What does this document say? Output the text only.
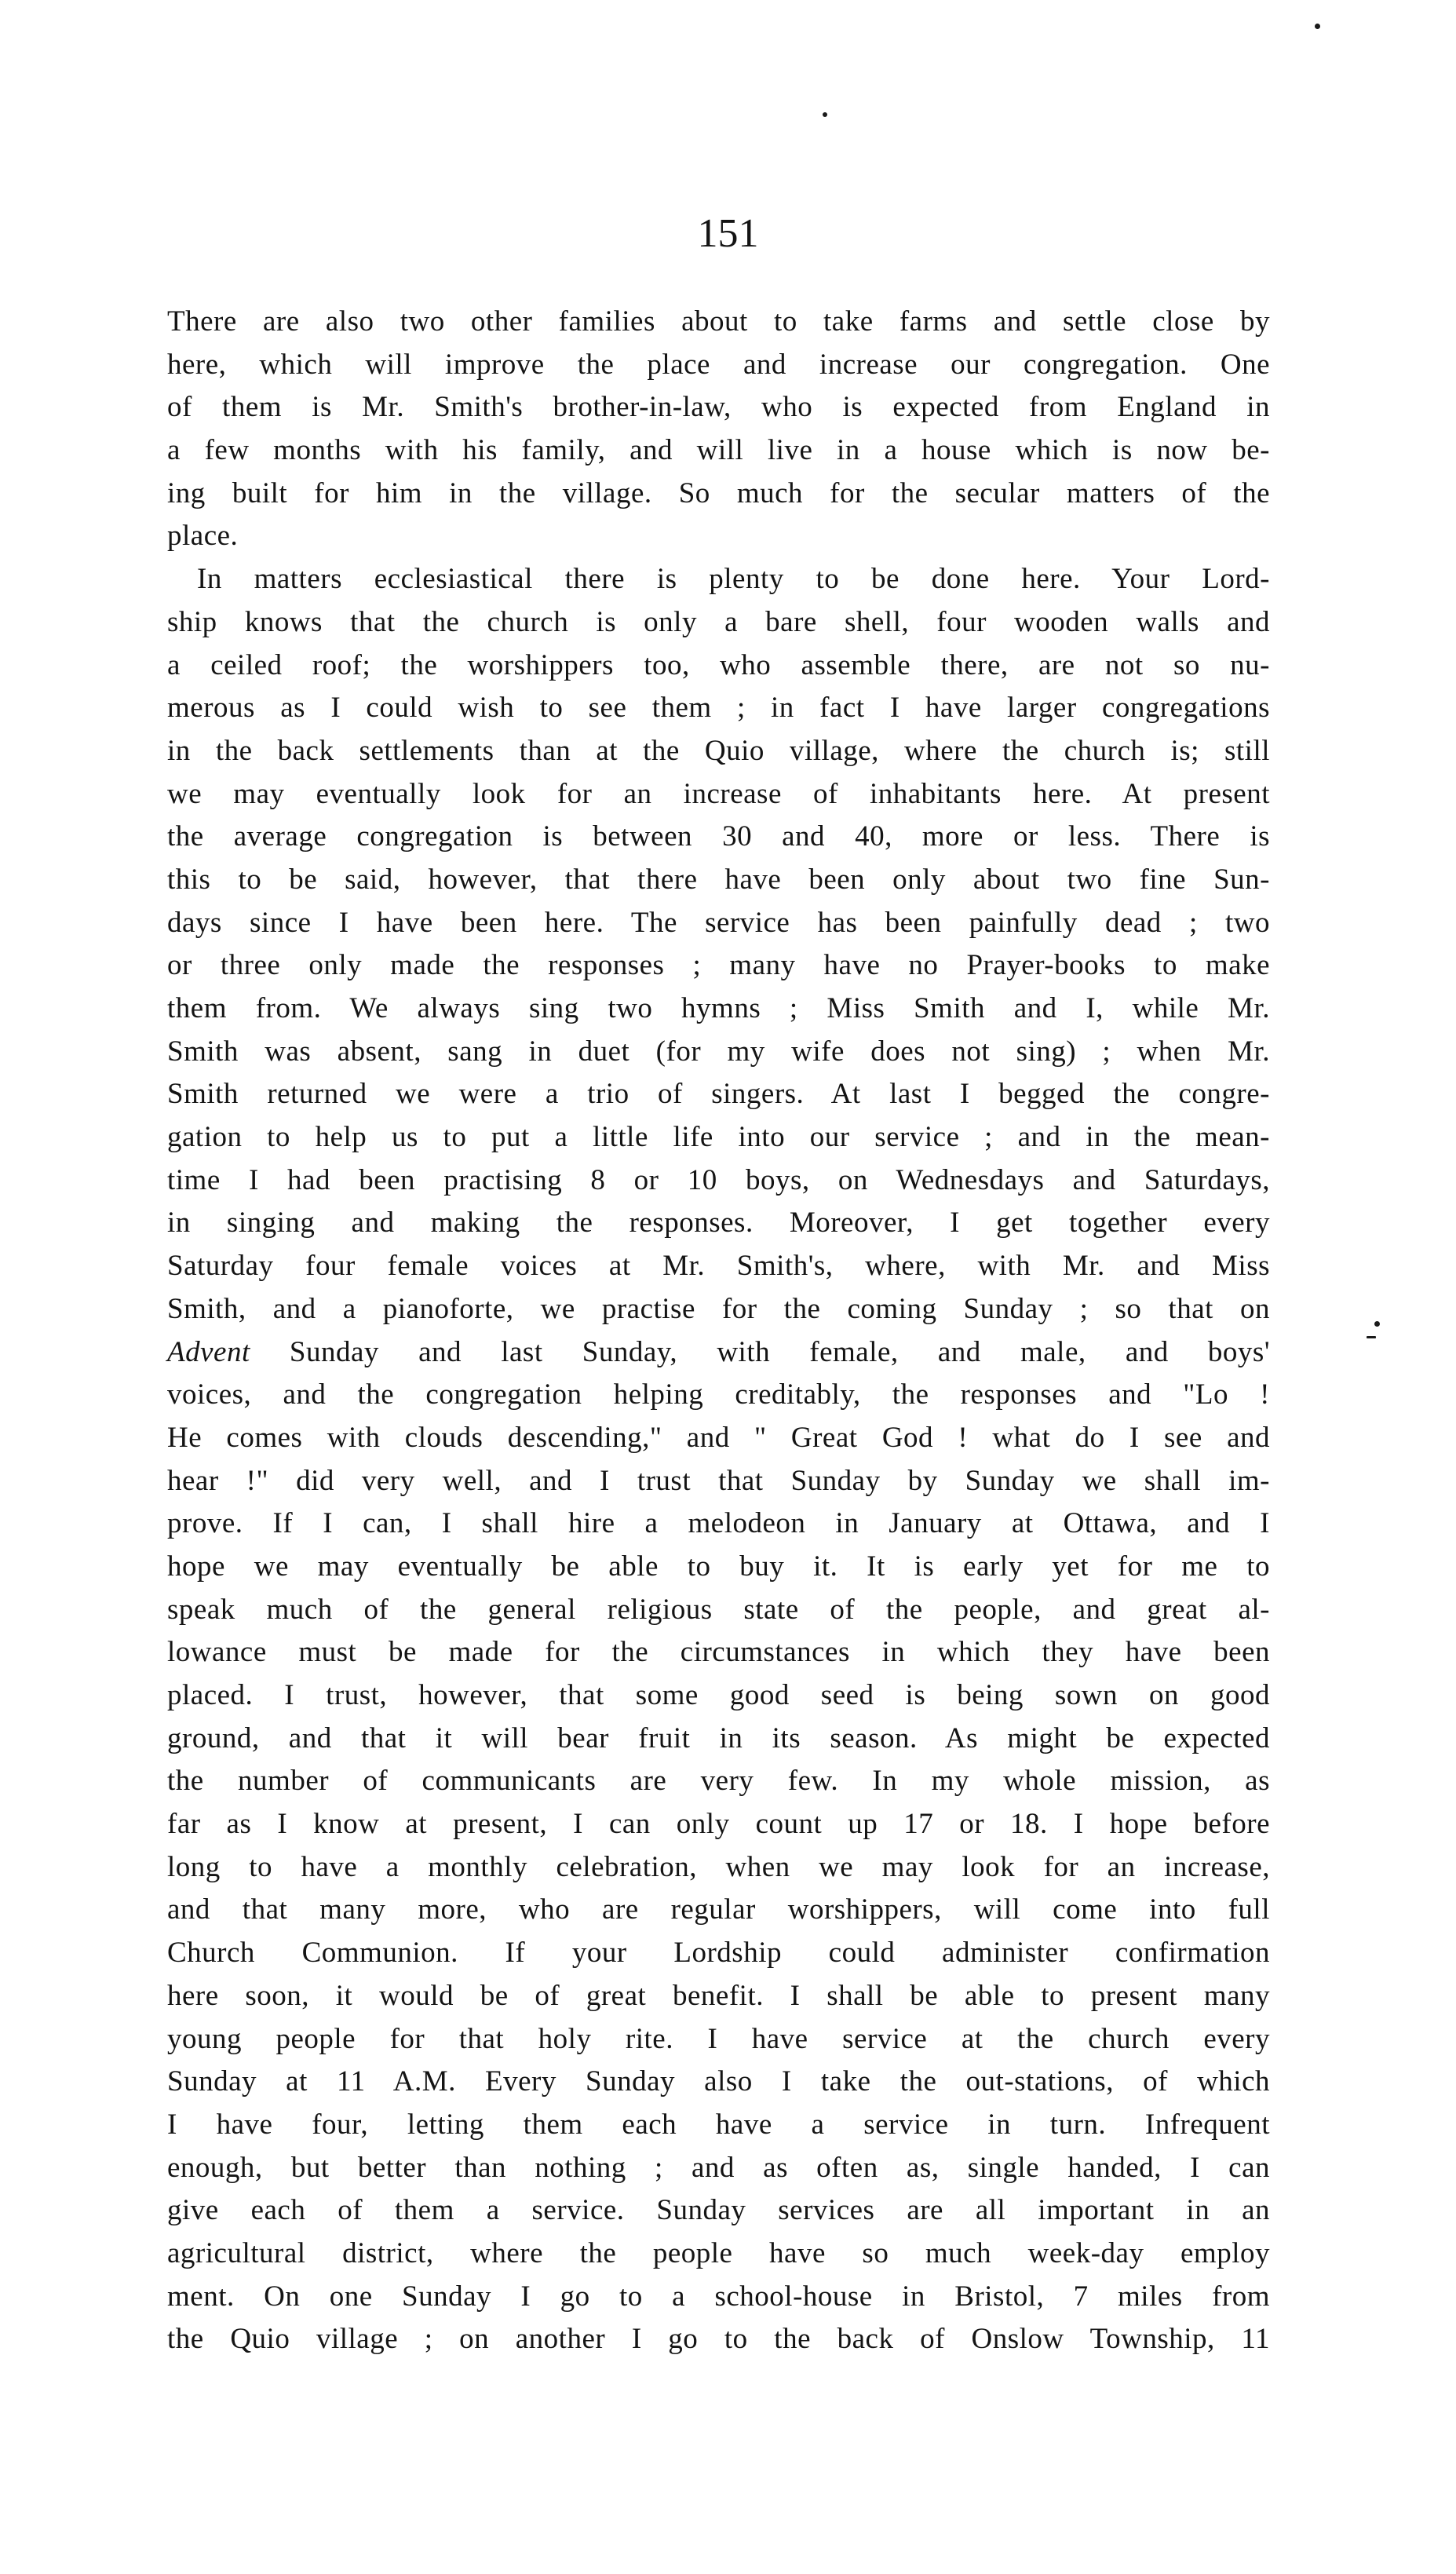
151
There are also two other families about to take farms and settle close by
here, which will improve the place and increase our congregation. One
of them is Mr. Smith's brother-in-law, who is expected from England in
a few months with his family, and will live in a house which is now be-
ing built for him in the village. So much for the secular matters of the
place.
In matters ecclesiastical there is plenty to be done here. Your Lord-
ship knows that the church is only a bare shell, four wooden walls and
a ceiled roof; the worshippers too, who assemble there, are not so nu-
merous as I could wish to see them ; in fact I have larger congregations
in the back settlements than at the Quio village, where the church is; still
we may eventually look for an increase of inhabitants here. At present
the average congregation is between 30 and 40, more or less. There is
this to be said, however, that there have been only about two fine Sun-
days since I have been here. The service has been painfully dead ; two
or three only made the responses ; many have no Prayer-books to make
them from. We always sing two hymns ; Miss Smith and I, while Mr.
Smith was absent, sang in duet (for my wife does not sing) ; when Mr.
Smith returned we were a trio of singers. At last I begged the congre-
gation to help us to put a little life into our service ; and in the mean-
time I had been practising 8 or 10 boys, on Wednesdays and Saturdays,
in singing and making the responses. Moreover, I get together every
Saturday four female voices at Mr. Smith's, where, with Mr. and Miss
Smith, and a pianoforte, we practise for the coming Sunday ; so that on
Advent Sunday and last Sunday, with female, and male, and boys'
voices, and the congregation helping creditably, the responses and "Lo !
He comes with clouds descending," and " Great God ! what do I see and
hear !" did very well, and I trust that Sunday by Sunday we shall im-
prove. If I can, I shall hire a melodeon in January at Ottawa, and I
hope we may eventually be able to buy it. It is early yet for me to
speak much of the general religious state of the people, and great al-
lowance must be made for the circumstances in which they have been
placed. I trust, however, that some good seed is being sown on good
ground, and that it will bear fruit in its season. As might be expected
the number of communicants are very few. In my whole mission, as
far as I know at present, I can only count up 17 or 18. I hope before
long to have a monthly celebration, when we may look for an increase,
and that many more, who are regular worshippers, will come into full
Church Communion. If your Lordship could administer confirmation
here soon, it would be of great benefit. I shall be able to present many
young people for that holy rite. I have service at the church every
Sunday at 11 A.M. Every Sunday also I take the out-stations, of which
I have four, letting them each have a service in turn. Infrequent
enough, but better than nothing ; and as often as, single handed, I can
give each of them a service. Sunday services are all important in an
agricultural district, where the people have so much week-day employ
ment. On one Sunday I go to a school-house in Bristol, 7 miles from
the Quio village ; on another I go to the back of Onslow Township, 11
